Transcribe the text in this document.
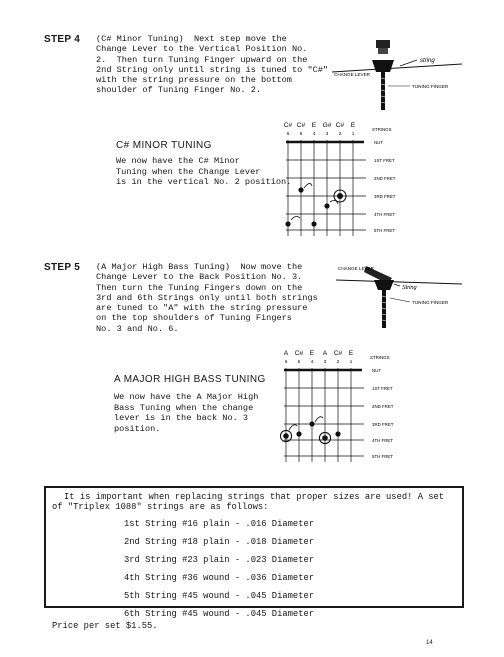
STEP 4 (C# Minor Tuning)  Next step move the
Change Lever to the Vertical Position No.
2.  Then turn Tuning Finger upward on the
2nd String only until string is tuned to "C#"
with the string pressure on the bottom
shoulder of Tuning Finger No. 2.
string
CHANGE LEVER
TUNING FINGER
C# MINOR TUNING
We now have the C# Minor
Tuning when the Change Lever
is in the vertical No. 2 position.
C# C# E G# C# E
6 5 4 3 2 1
STRINGS
NUT
1ST FRET
2ND FRET
3RD FRET
4TH FRET
5TH FRET
STEP 5 (A Major High Bass Tuning)  Now move the
Change Lever to the Back Position No. 3.
Then turn the Tuning Fingers down on the
3rd and 6th Strings only until both strings
are tuned to "A" with the string pressure
on the top shoulders of Tuning Fingers
No. 3 and No. 6.
CHANGE LEVER
String
TUNING FINGER
A MAJOR HIGH BASS TUNING
We now have the A Major High
Bass Tuning when the change
lever is in the back No. 3
position.
A C# E A C# E
6 5 4 3 2 1
STRINGS
NUT
1ST FRET
2ND FRET
3RD FRET
4TH FRET
5TH FRET
It is important when replacing strings that proper sizes are used! A set
of "Triplex 1088" strings are as follows:
1st String #16 plain - .016 Diameter
2nd String #18 plain - .018 Diameter
3rd String #23 plain - .023 Diameter
4th String #36 wound - .036 Diameter
5th String #45 wound - .045 Diameter
6th String #45 wound - .045 Diameter
Price per set $1.55.
14
